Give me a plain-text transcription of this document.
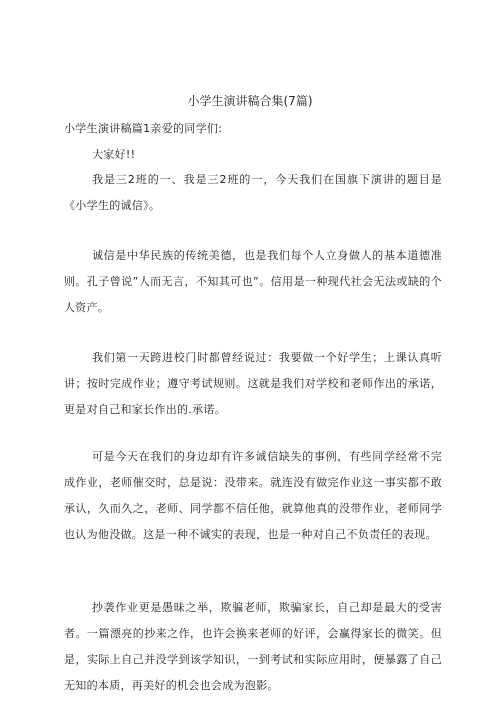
小学生演讲稿合集(7篇)

小学生演讲稿篇1亲爱的同学们:

大家好!!

我是三2班的一、我是三2班的一，今天我们在国旗下演讲的题目是《小学生的诚信》。

诚信是中华民族的传统美德，也是我们每个人立身做人的基本道德准则。孔子曾说”人而无言，不知其可也”。信用是一种现代社会无法或缺的个人资产。

我们第一天跨进校门时都曾经说过：我要做一个好学生；上课认真听讲；按时完成作业；遵守考试规则。这就是我们对学校和老师作出的承诺，更是对自己和家长作出的.承诺。

可是今天在我们的身边却有许多诚信缺失的事例，有些同学经常不完成作业，老师催交时，总是说：没带来。就连没有做完作业这一事实都不敢承认，久而久之，老师、同学都不信任他，就算他真的没带作业，老师同学也认为他没做。这是一种不诚实的表现，也是一种对自己不负责任的表现。

抄袭作业更是愚昧之举，欺骗老师，欺骗家长，自己却是最大的受害者。一篇漂亮的抄来之作，也许会换来老师的好评，会赢得家长的微笑。但是，实际上自己并没学到该学知识，一到考试和实际应用时，便暴露了自己无知的本质，再美好的机会也会成为泡影。
